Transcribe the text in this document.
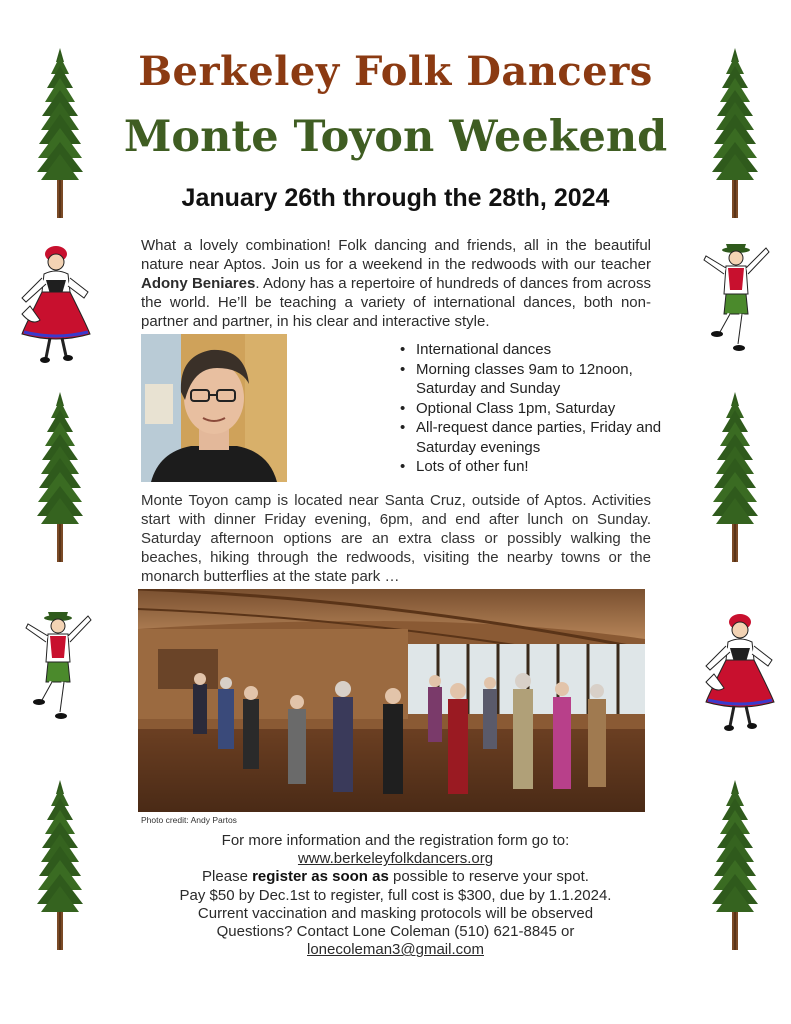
Berkeley Folk Dancers
Monte Toyon Weekend
January 26th through the 28th, 2024
What a lovely combination! Folk dancing and friends, all in the beautiful nature near Aptos. Join us for a weekend in the redwoods with our teacher Adony Beniares. Adony has a repertoire of hundreds of dances from across the world. He’ll be teaching a variety of international dances, both non-partner and partner, in his clear and interactive style.
• International dances
• Morning classes 9am to 12noon, Saturday and Sunday
• Optional Class 1pm, Saturday
• All-request dance parties, Friday and Saturday evenings
• Lots of other fun!
Monte Toyon camp is located near Santa Cruz, outside of Aptos. Activities start with dinner Friday evening, 6pm, and end after lunch on Sunday. Saturday afternoon options are an extra class or possibly walking the beaches, hiking through the redwoods, visiting the nearby towns or the monarch butterflies at the state park …
Photo credit: Andy Partos
For more information and the registration form go to:
www.berkeleyfolkdancers.org
Please register as soon as possible to reserve your spot.
Pay $50 by Dec.1st to register, full cost is $300, due by 1.1.2024.
Current vaccination and masking protocols will be observed
Questions? Contact Lone Coleman (510) 621-8845 or
lonecoleman3@gmail.com
